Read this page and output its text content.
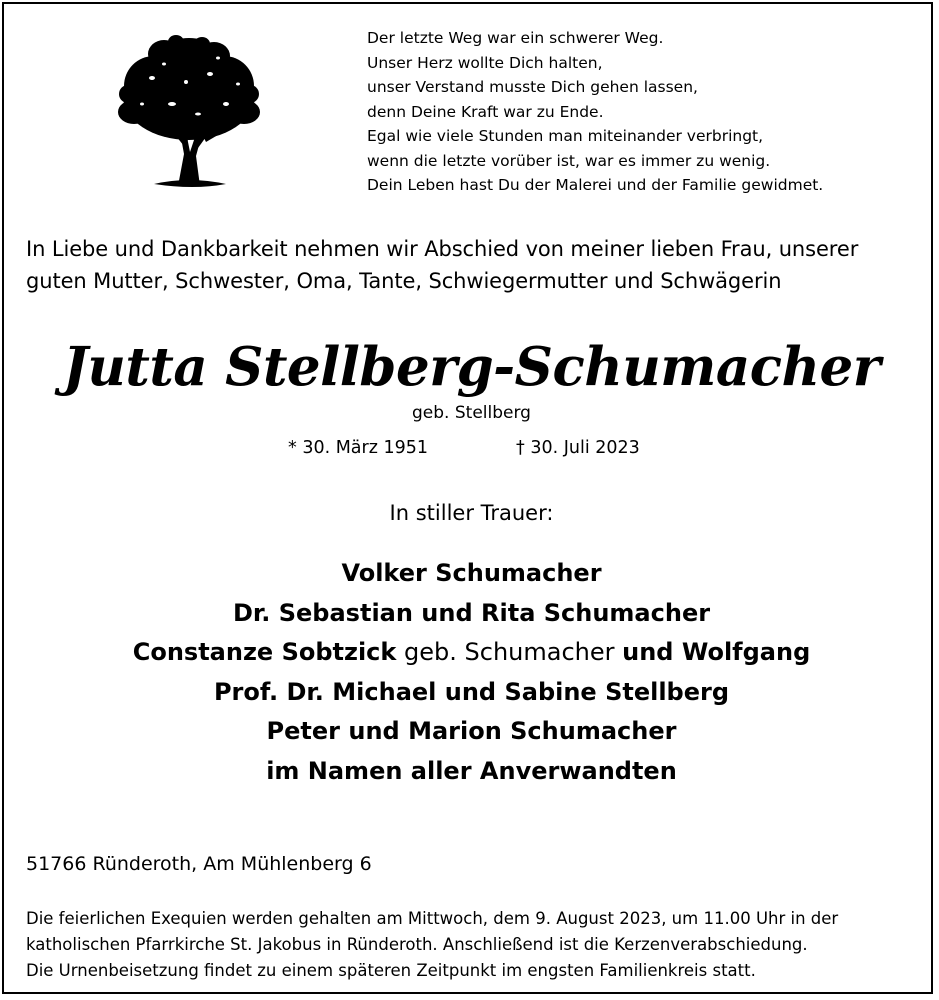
Der letzte Weg war ein schwerer Weg.
Unser Herz wollte Dich halten,
unser Verstand musste Dich gehen lassen,
denn Deine Kraft war zu Ende.
Egal wie viele Stunden man miteinander verbringt,
wenn die letzte vorüber ist, war es immer zu wenig.
Dein Leben hast Du der Malerei und der Familie gewidmet.
In Liebe und Dankbarkeit nehmen wir Abschied von meiner lieben Frau, unserer
guten Mutter, Schwester, Oma, Tante, Schwiegermutter und Schwägerin
Jutta Stellberg-Schumacher
geb. Stellberg
* 30. März 1951	† 30. Juli 2023
In stiller Trauer:
Volker Schumacher
Dr. Sebastian und Rita Schumacher
Constanze Sobtzick geb. Schumacher und Wolfgang
Prof. Dr. Michael und Sabine Stellberg
Peter und Marion Schumacher
im Namen aller Anverwandten
51766 Ründeroth, Am Mühlenberg 6
Die feierlichen Exequien werden gehalten am Mittwoch, dem 9. August 2023, um 11.00 Uhr in der
katholischen Pfarrkirche St. Jakobus in Ründeroth. Anschließend ist die Kerzenverabschiedung.
Die Urnenbeisetzung findet zu einem späteren Zeitpunkt im engsten Familienkreis statt.
